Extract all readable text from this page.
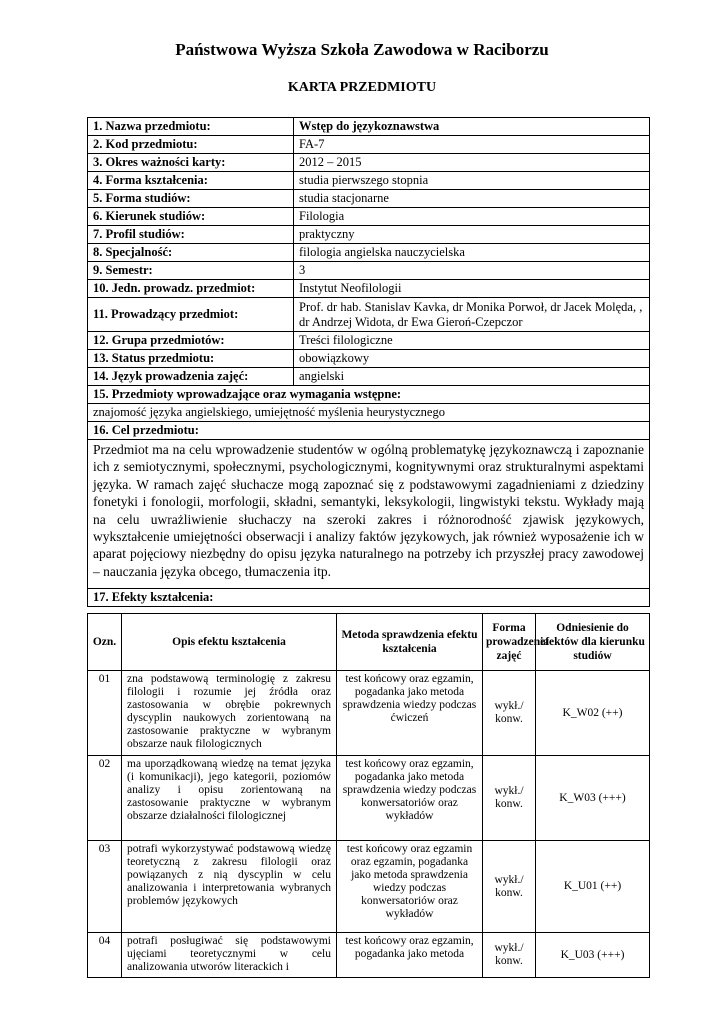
Państwowa Wyższa Szkoła Zawodowa w Raciborzu
KARTA PRZEDMIOTU
1. Nazwa przedmiotu:	Wstęp do językoznawstwa
2. Kod przedmiotu:	FA-7
3. Okres ważności karty:	2012 – 2015
4. Forma kształcenia:	studia pierwszego stopnia
5. Forma studiów:	studia stacjonarne
6. Kierunek studiów:	Filologia
7. Profil studiów:	praktyczny
8. Specjalność:	filologia angielska nauczycielska
9. Semestr:	3
10. Jedn. prowadz. przedmiot:	Instytut Neofilologii
11. Prowadzący przedmiot:	Prof. dr hab. Stanislav Kavka, dr Monika Porwoł, dr Jacek Molęda, , dr Andrzej Widota, dr Ewa Gieroń-Czepczor
12. Grupa przedmiotów:	Treści filologiczne
13. Status przedmiotu:	obowiązkowy
14. Język prowadzenia zajęć:	angielski
15. Przedmioty wprowadzające oraz wymagania wstępne:	
znajomość języka angielskiego, umiejętność myślenia heurystycznego	
16. Cel przedmiotu:	
Przedmiot ma na celu wprowadzenie studentów w ogólną problematykę językoznawczą i zapoznanie ich z semiotycznymi, społecznymi, psychologicznymi, kognitywnymi oraz strukturalnymi aspektami języka. W ramach zajęć słuchacze mogą zapoznać się z podstawowymi zagadnieniami z dziedziny fonetyki i fonologii, morfologii, składni, semantyki, leksykologii, lingwistyki tekstu. Wykłady mają na celu uwrażliwienie słuchaczy na szeroki zakres i różnorodność zjawisk językowych, wykształcenie umiejętności obserwacji i analizy faktów językowych, jak również wyposażenie ich w aparat pojęciowy niezbędny do opisu języka naturalnego na potrzeby ich przyszłej pracy zawodowej – nauczania języka obcego, tłumaczenia itp.	
17. Efekty kształcenia:	
Ozn.	Opis efektu kształcenia	Metoda sprawdzenia efektu kształcenia	Forma prowadzenia zajęć	Odniesienie do efektów dla kierunku studiów
01	zna podstawową terminologię z zakresu filologii i rozumie jej źródła oraz zastosowania w obrębie pokrewnych dyscyplin naukowych zorientowaną na zastosowanie praktyczne w wybranym obszarze nauk filologicznych	test końcowy oraz egzamin, pogadanka jako metoda sprawdzenia wiedzy podczas ćwiczeń	wykł./ konw.	K_W02 (++)
02	ma uporządkowaną wiedzę na temat języka (i komunikacji), jego kategorii, poziomów analizy i opisu zorientowaną na zastosowanie praktyczne w wybranym obszarze działalności filologicznej	test końcowy oraz egzamin, pogadanka jako metoda sprawdzenia wiedzy podczas konwersatoriów oraz wykładów	wykł./ konw.	K_W03 (+++)
03	potrafi wykorzystywać podstawową wiedzę teoretyczną z zakresu filologii oraz powiązanych z nią dyscyplin w celu analizowania i interpretowania wybranych problemów językowych	test końcowy oraz egzamin oraz egzamin, pogadanka jako metoda sprawdzenia wiedzy podczas konwersatoriów oraz wykładów	wykł./ konw.	K_U01 (++)
04	potrafi posługiwać się podstawowymi ujęciami teoretycznymi w celu analizowania utworów literackich i	test końcowy oraz egzamin, pogadanka jako metoda	wykł./ konw.	K_U03 (+++)
